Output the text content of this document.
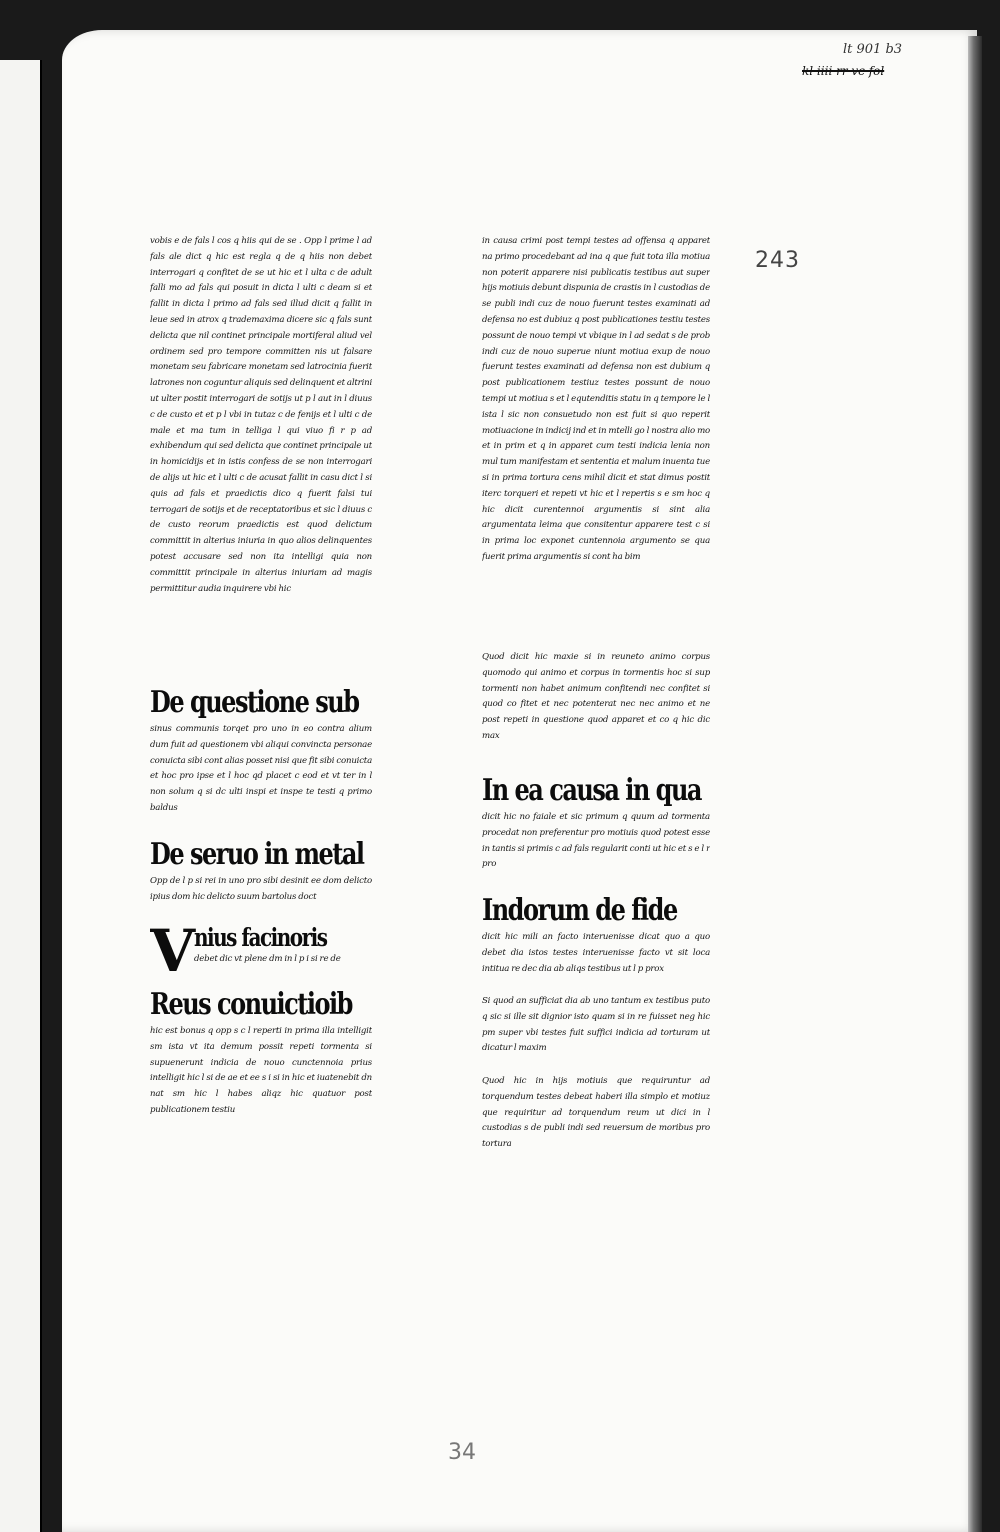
lt 901 b3
kl iiii rr vc fol
243
34
vobis e de fals l cos q hiis qui de se . Opp l prime l ad fals ale dict q hic est regla q de q hiis non debet interrogari q confitet de se ut hic et l ulta c de adult falli mo ad fals qui posuit in dicta l ulti c deam si et fallit in dicta l primo ad fals sed illud dicit q fallit in leue sed in atrox q trademaxima dicere sic q fals sunt delicta que nil continet principale mortiferal aliud vel ordinem sed pro tempore committen nis ut falsare monetam seu fabricare monetam sed latrocinia fuerit latrones non coguntur aliquis sed delinquent et altrini ut ulter postit interrogari de sotijs ut p l aut in l diuus c de custo et et p l vbi in tutaz c de fenijs et l ulti c de male et ma tum in telliga l qui viuo fi r p ad exhibendum qui sed delicta que continet principale ut in homicidijs et in istis confess de se non interrogari de alijs ut hic et l ulti c de acusat fallit in casu dict l si quis ad fals et praedictis dico q fuerit falsi tui terrogari de sotijs et de receptatoribus et sic l diuus c de custo reorum praedictis est quod delictum committit in alterius iniuria in quo alios delinquentes potest accusare sed non ita intelligi quia non committit principale in alterius iniuriam ad magis permittitur audia inquirere vbi hic
De questione sub
sinus communis torqet pro uno in eo contra alium dum fuit ad questionem vbi aliqui convincta personae conuicta sibi cont alias posset nisi que fit sibi conuicta et hoc pro ipse et l hoc qd placet c eod et vt ter in l non solum q si dc ulti inspi et inspe te testi q primo baldus
De seruo in metal
Opp de l p si rei in uno pro sibi desinit ee dom delicto ipius dom hic delicto suum bartolus doct
V
nius facinoris
debet dic vt plene dm in l p i si re de
Reus conuictioib
hic est bonus q opp s c l reperti in prima illa intelligit sm ista vt ita demum possit repeti tormenta si supuenerunt indicia de nouo cunctennoia prius intelligit hic l si de ae et ee s i si in hic et iuatenebit dn nat sm hic l habes aliqz hic quatuor post publicationem testiu
in causa crimi post tempi testes ad offensa q apparet na primo procedebant ad ina q que fuit tota illa motiua non poterit apparere nisi publicatis testibus aut super hijs motiuis debunt dispunia de crastis in l custodias de se publi indi cuz de nouo fuerunt testes examinati ad defensa no est dubiuz q post publicationes testiu testes possunt de nouo tempi vt vbique in l ad sedat s de prob indi cuz de nouo superue niunt motiua exup de nouo fuerunt testes examinati ad defensa non est dubium q post publicationem testiuz testes possunt de nouo tempi ut motiua s et l equtenditis statu in q tempore le l ista l sic non consuetudo non est fuit si quo reperit motiuacione in indicij ind et in mtelli go l nostra alio mo et in prim et q in apparet cum testi indicia lenia non mul tum manifestam et sententia et malum inuenta tue si in prima tortura cens mihil dicit et stat dimus postit iterc torqueri et repeti vt hic et l repertis s e sm hoc q hic dicit curentennoi argumentis si sint alia argumentata leima que consitentur apparere test c si in prima loc exponet cuntennoia argumento se qua fuerit prima argumentis si cont ha bim
Quod dicit hic maxie si in reuneto animo corpus quomodo qui animo et corpus in tormentis hoc si sup tormenti non habet animum confitendi nec confitet si quod co fitet et nec potenterat nec nec animo et ne post repeti in questione quod apparet et co q hic dic max
In ea causa in qua
dicit hic no faiale et sic primum q quum ad tormenta procedat non preferentur pro motiuis quod potest esse in tantis si primis c ad fals regularit conti ut hic et s e l r pro
Indorum de fide
dicit hic mili an facto interuenisse dicat quo a quo debet dia istos testes interuenisse facto vt sit loca intitua re dec dia ab aliqs testibus ut l p prox
Si quod an sufficiat dia ab uno tantum ex testibus puto q sic si ille sit dignior isto quam si in re fuisset neg hic pm super vbi testes fuit suffici indicia ad torturam ut dicatur l maxim
Quod hic in hijs motiuis que requiruntur ad torquendum testes debeat haberi illa simplo et motiuz que requiritur ad torquendum reum ut dici in l custodias s de publi indi sed reuersum de moribus pro tortura
